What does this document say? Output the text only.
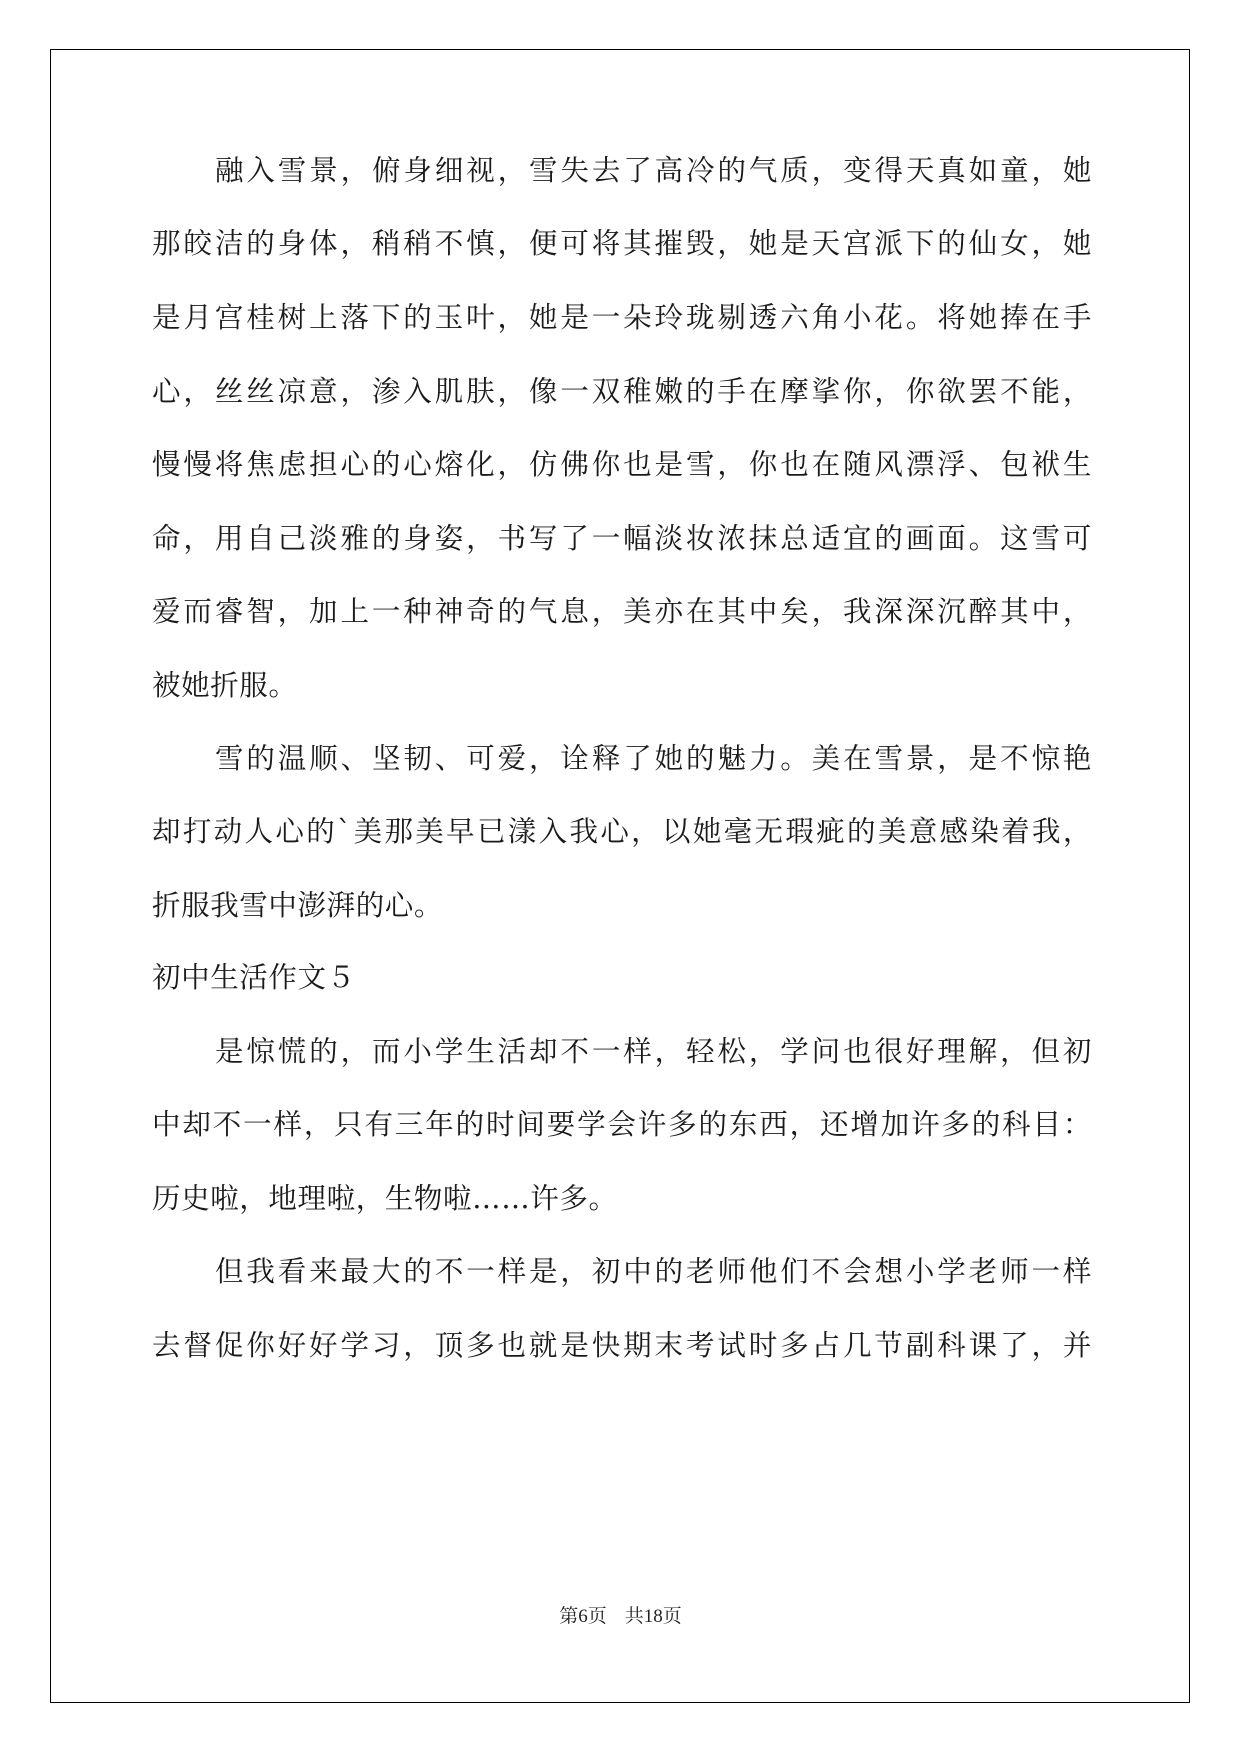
融入雪景，俯身细视，雪失去了高冷的气质，变得天真如童，她
那皎洁的身体，稍稍不慎，便可将其摧毁，她是天宫派下的仙女，她
是月宫桂树上落下的玉叶，她是一朵玲珑剔透六角小花。将她捧在手
心，丝丝凉意，渗入肌肤，像一双稚嫩的手在摩挲你，你欲罢不能，
慢慢将焦虑担心的心熔化，仿佛你也是雪，你也在随风漂浮、包袱生
命，用自己淡雅的身姿，书写了一幅淡妆浓抹总适宜的画面。这雪可
爱而睿智，加上一种神奇的气息，美亦在其中矣，我深深沉醉其中，
被她折服。
雪的温顺、坚韧、可爱，诠释了她的魅力。美在雪景，是不惊艳
却打动人心的`美那美早已漾入我心，以她毫无瑕疵的美意感染着我，
折服我雪中澎湃的心。
初中生活作文５
是惊慌的，而小学生活却不一样，轻松，学问也很好理解，但初
中却不一样，只有三年的时间要学会许多的东西，还增加许多的科目：
历史啦，地理啦，生物啦……许多。
但我看来最大的不一样是，初中的老师他们不会想小学老师一样
去督促你好好学习，顶多也就是快期末考试时多占几节副科课了，并
第6页 共18页
